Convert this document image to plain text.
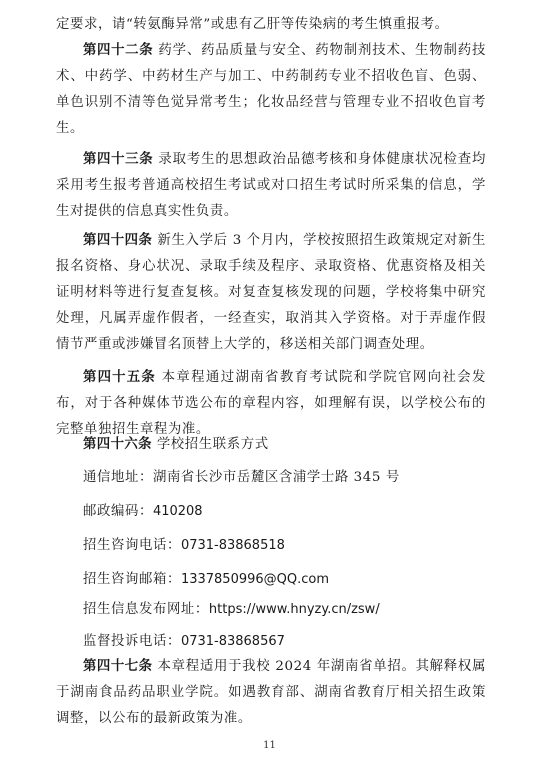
定要求，请“转氨酶异常”或患有乙肝等传染病的考生慎重报考。

第四十二条 药学、药品质量与安全、药物制剂技术、生物制药技术、中药学、中药材生产与加工、中药制药专业不招收色盲、色弱、单色识别不清等色觉异常考生；化妆品经营与管理专业不招收色盲考生。

第四十三条 录取考生的思想政治品德考核和身体健康状况检查均采用考生报考普通高校招生考试或对口招生考试时所采集的信息，学生对提供的信息真实性负责。

第四十四条 新生入学后 3 个月内，学校按照招生政策规定对新生报名资格、身心状况、录取手续及程序、录取资格、优惠资格及相关证明材料等进行复查复核。对复查复核发现的问题，学校将集中研究处理，凡属弄虚作假者，一经查实，取消其入学资格。对于弄虚作假情节严重或涉嫌冒名顶替上大学的，移送相关部门调查处理。

第四十五条 本章程通过湖南省教育考试院和学院官网向社会发布，对于各种媒体节选公布的章程内容，如理解有误，以学校公布的完整单独招生章程为准。

第四十六条 学校招生联系方式

通信地址：湖南省长沙市岳麓区含浦学士路 345 号

邮政编码：410208

招生咨询电话：0731-83868518

招生咨询邮箱：1337850996@QQ.com

招生信息发布网址：https://www.hnyzy.cn/zsw/

监督投诉电话：0731-83868567

第四十七条 本章程适用于我校 2024 年湖南省单招。其解释权属于湖南食品药品职业学院。如遇教育部、湖南省教育厅相关招生政策调整，以公布的最新政策为准。

11
